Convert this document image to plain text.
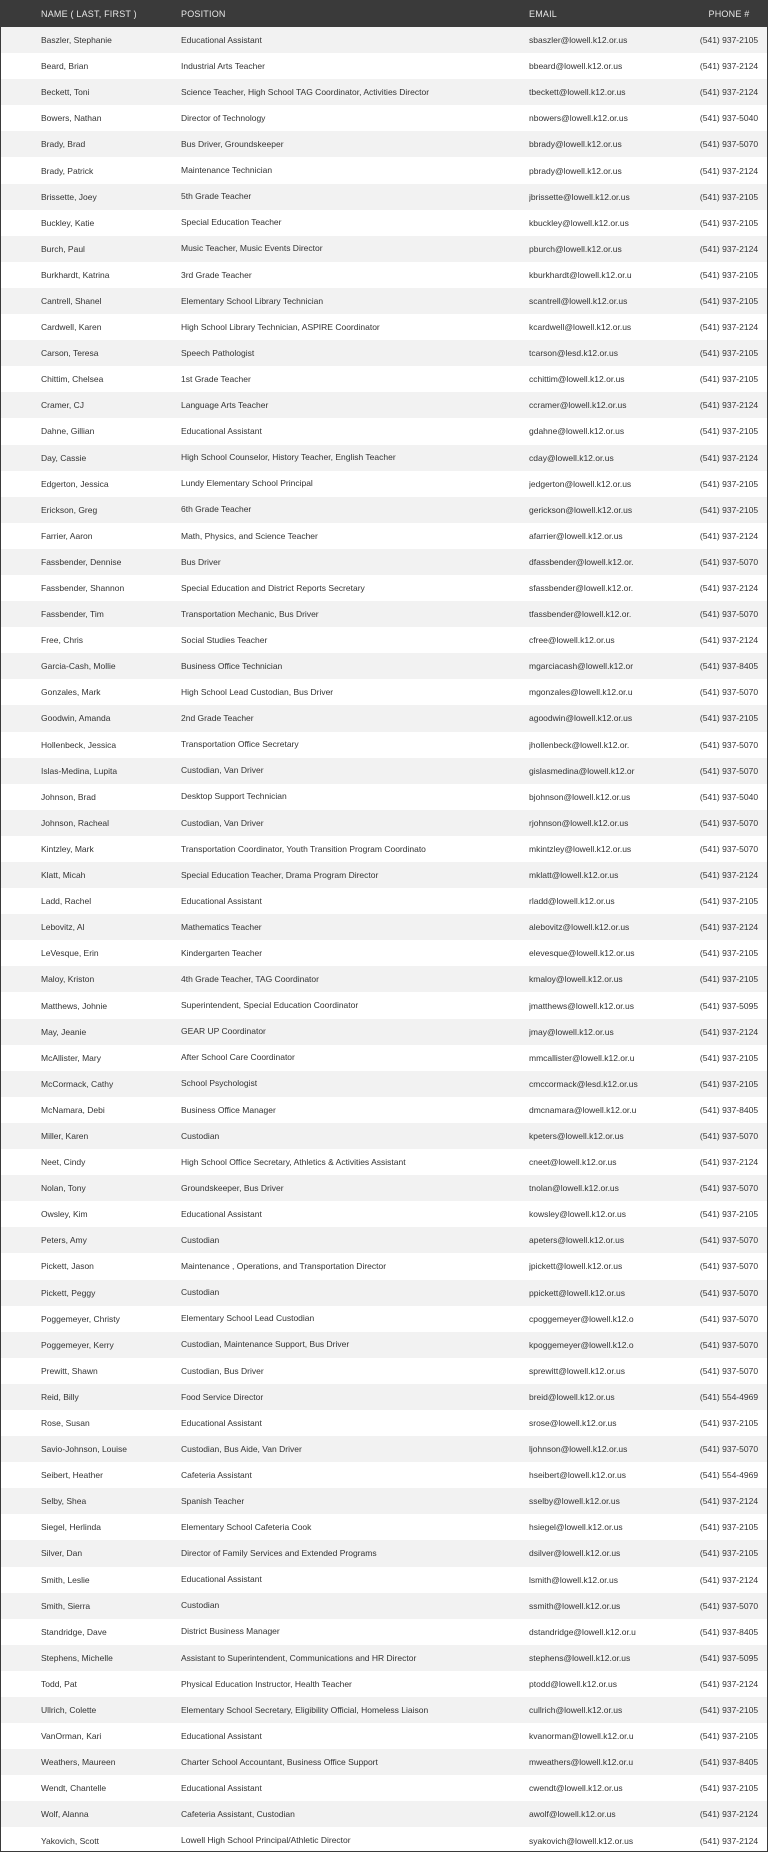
NAME ( LAST, FIRST )	POSITION	EMAIL	PHONE #
Baszler, Stephanie	Educational Assistant	sbaszler@lowell.k12.or.us	(541) 937-2105
Beard, Brian	Industrial Arts Teacher	bbeard@lowell.k12.or.us	(541) 937-2124
Beckett, Toni	Science Teacher, High School TAG Coordinator, Activities Director	tbeckett@lowell.k12.or.us	(541) 937-2124
Bowers, Nathan	Director of Technology	nbowers@lowell.k12.or.us	(541) 937-5040
Brady, Brad	Bus Driver, Groundskeeper	bbrady@lowell.k12.or.us	(541) 937-5070
Brady, Patrick	Maintenance Technician	pbrady@lowell.k12.or.us	(541) 937-2124
Brissette, Joey	5th Grade Teacher	jbrissette@lowell.k12.or.us	(541) 937-2105
Buckley, Katie	Special Education Teacher	kbuckley@lowell.k12.or.us	(541) 937-2105
Burch, Paul	Music Teacher, Music Events Director	pburch@lowell.k12.or.us	(541) 937-2124
Burkhardt, Katrina	3rd Grade Teacher	kburkhardt@lowell.k12.or.u	(541) 937-2105
Cantrell, Shanel	Elementary School Library Technician	scantrell@lowell.k12.or.us	(541) 937-2105
Cardwell, Karen	High School Library Technician, ASPIRE Coordinator	kcardwell@lowell.k12.or.us	(541) 937-2124
Carson, Teresa	Speech Pathologist	tcarson@lesd.k12.or.us	(541) 937-2105
Chittim, Chelsea	1st Grade Teacher	cchittim@lowell.k12.or.us	(541) 937-2105
Cramer, CJ	Language Arts Teacher	ccramer@lowell.k12.or.us	(541) 937-2124
Dahne, Gillian	Educational Assistant	gdahne@lowell.k12.or.us	(541) 937-2105
Day, Cassie	High School Counselor, History Teacher, English Teacher	cday@lowell.k12.or.us	(541) 937-2124
Edgerton, Jessica	Lundy Elementary School Principal	jedgerton@lowell.k12.or.us	(541) 937-2105
Erickson, Greg	6th Grade Teacher	gerickson@lowell.k12.or.us	(541) 937-2105
Farrier, Aaron	Math, Physics, and Science Teacher	afarrier@lowell.k12.or.us	(541) 937-2124
Fassbender, Dennise	Bus Driver	dfassbender@lowell.k12.or.	(541) 937-5070
Fassbender, Shannon	Special Education and District Reports Secretary	sfassbender@lowell.k12.or.	(541) 937-2124
Fassbender, Tim	Transportation Mechanic, Bus Driver	tfassbender@lowell.k12.or.	(541) 937-5070
Free, Chris	Social Studies Teacher	cfree@lowell.k12.or.us	(541) 937-2124
Garcia-Cash, Mollie	Business Office Technician	mgarciacash@lowell.k12.or	(541) 937-8405
Gonzales, Mark	High School Lead Custodian, Bus Driver	mgonzales@lowell.k12.or.u	(541) 937-5070
Goodwin, Amanda	2nd Grade Teacher	agoodwin@lowell.k12.or.us	(541) 937-2105
Hollenbeck, Jessica	Transportation Office Secretary	jhollenbeck@lowell.k12.or.	(541) 937-5070
Islas-Medina, Lupita	Custodian, Van Driver	gislasmedina@lowell.k12.or	(541) 937-5070
Johnson, Brad	Desktop Support Technician	bjohnson@lowell.k12.or.us	(541) 937-5040
Johnson, Racheal	Custodian, Van Driver	rjohnson@lowell.k12.or.us	(541) 937-5070
Kintzley, Mark	Transportation Coordinator, Youth Transition Program Coordinato	mkintzley@lowell.k12.or.us	(541) 937-5070
Klatt, Micah	Special Education Teacher, Drama Program Director	mklatt@lowell.k12.or.us	(541) 937-2124
Ladd, Rachel	Educational Assistant	rladd@lowell.k12.or.us	(541) 937-2105
Lebovitz, Al	Mathematics Teacher	alebovitz@lowell.k12.or.us	(541) 937-2124
LeVesque, Erin	Kindergarten Teacher	elevesque@lowell.k12.or.us	(541) 937-2105
Maloy, Kriston	4th Grade Teacher, TAG Coordinator	kmaloy@lowell.k12.or.us	(541) 937-2105
Matthews, Johnie	Superintendent, Special Education Coordinator	jmatthews@lowell.k12.or.us	(541) 937-5095
May, Jeanie	GEAR UP Coordinator	jmay@lowell.k12.or.us	(541) 937-2124
McAllister, Mary	After School Care Coordinator	mmcallister@lowell.k12.or.u	(541) 937-2105
McCormack, Cathy	School Psychologist	cmccormack@lesd.k12.or.us	(541) 937-2105
McNamara, Debi	Business Office Manager	dmcnamara@lowell.k12.or.u	(541) 937-8405
Miller, Karen	Custodian	kpeters@lowell.k12.or.us	(541) 937-5070
Neet, Cindy	High School Office Secretary, Athletics & Activities Assistant	cneet@lowell.k12.or.us	(541) 937-2124
Nolan, Tony	Groundskeeper, Bus Driver	tnolan@lowell.k12.or.us	(541) 937-5070
Owsley, Kim	Educational Assistant	kowsley@lowell.k12.or.us	(541) 937-2105
Peters, Amy	Custodian	apeters@lowell.k12.or.us	(541) 937-5070
Pickett, Jason	Maintenance , Operations, and Transportation Director	jpickett@lowell.k12.or.us	(541) 937-5070
Pickett, Peggy	Custodian	ppickett@lowell.k12.or.us	(541) 937-5070
Poggemeyer, Christy	Elementary School Lead Custodian	cpoggemeyer@lowell.k12.o	(541) 937-5070
Poggemeyer, Kerry	Custodian, Maintenance Support, Bus Driver	kpoggemeyer@lowell.k12.o	(541) 937-5070
Prewitt, Shawn	Custodian, Bus Driver	sprewitt@lowell.k12.or.us	(541) 937-5070
Reid, Billy	Food Service Director	breid@lowell.k12.or.us	(541) 554-4969
Rose, Susan	Educational Assistant	srose@lowell.k12.or.us	(541) 937-2105
Savio-Johnson, Louise	Custodian, Bus Aide, Van Driver	ljohnson@lowell.k12.or.us	(541) 937-5070
Seibert, Heather	Cafeteria Assistant	hseibert@lowell.k12.or.us	(541) 554-4969
Selby, Shea	Spanish Teacher	sselby@lowell.k12.or.us	(541) 937-2124
Siegel, Herlinda	Elementary School Cafeteria Cook	hsiegel@lowell.k12.or.us	(541) 937-2105
Silver, Dan	Director of Family Services and Extended Programs	dsilver@lowell.k12.or.us	(541) 937-2105
Smith, Leslie	Educational Assistant	lsmith@lowell.k12.or.us	(541) 937-2124
Smith, Sierra	Custodian	ssmith@lowell.k12.or.us	(541) 937-5070
Standridge, Dave	District Business Manager	dstandridge@lowell.k12.or.u	(541) 937-8405
Stephens, Michelle	Assistant to Superintendent, Communications and HR Director	stephens@lowell.k12.or.us	(541) 937-5095
Todd, Pat	Physical Education Instructor, Health Teacher	ptodd@lowell.k12.or.us	(541) 937-2124
Ullrich, Colette	Elementary School Secretary, Eligibility Official, Homeless Liaison	cullrich@lowell.k12.or.us	(541) 937-2105
VanOrman, Kari	Educational Assistant	kvanorman@lowell.k12.or.u	(541) 937-2105
Weathers, Maureen	Charter School Accountant, Business Office Support	mweathers@lowell.k12.or.u	(541) 937-8405
Wendt, Chantelle	Educational Assistant	cwendt@lowell.k12.or.us	(541) 937-2105
Wolf, Alanna	Cafeteria Assistant, Custodian	awolf@lowell.k12.or.us	(541) 937-2124
Yakovich, Scott	Lowell High School Principal/Athletic Director	syakovich@lowell.k12.or.us	(541) 937-2124
